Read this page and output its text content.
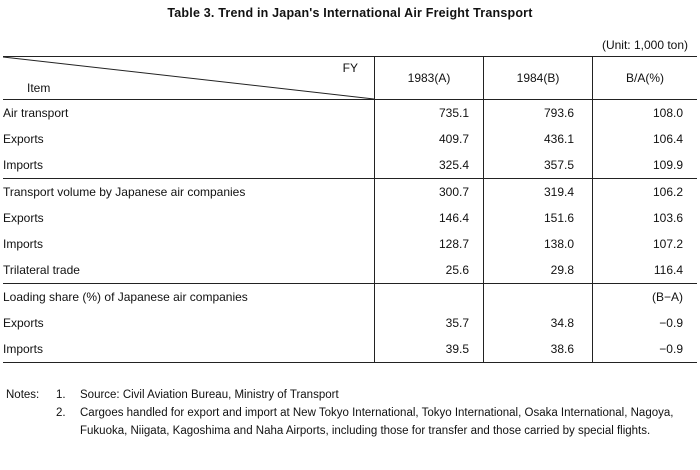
Table 3. Trend in Japan's International Air Freight Transport
(Unit: 1,000 ton)
FY
Item	1983(A)	1984(B)	B/A(%)
Air transport	735.1	793.6	108.0
Exports	409.7	436.1	106.4
Imports	325.4	357.5	109.9
Transport volume by Japanese air companies	300.7	319.4	106.2
Exports	146.4	151.6	103.6
Imports	128.7	138.0	107.2
Trilateral trade	25.6	29.8	116.4
Loading share (%) of Japanese air companies			(B−A)
Exports	35.7	34.8	−0.9
Imports	39.5	38.6	−0.9
Notes:	1.	Source: Civil Aviation Bureau, Ministry of Transport
2.	Cargoes handled for export and import at New Tokyo International, Tokyo International, Osaka International, Nagoya, Fukuoka, Niigata, Kagoshima and Naha Airports, including those for transfer and those carried by special flights.
